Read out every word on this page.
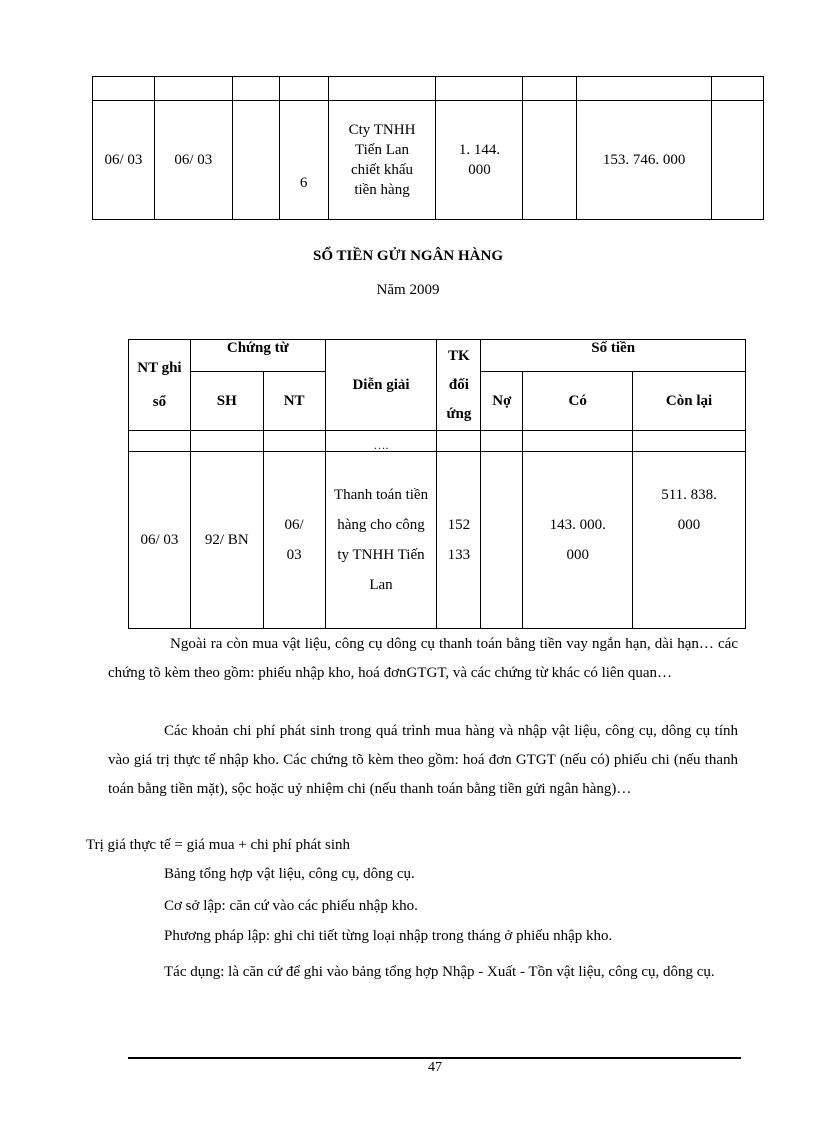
06/ 03	06/ 03		6	Cty TNHH Tiến Lan chiết khấu tiền hàng	1. 144. 000		153. 746. 000	
SỔ TIỀN GỬI NGÂN HÀNG
Năm 2009
NT ghi sổ	Chứng từ		Diễn giải	TK đối ứng	Số tiền		
	SH	NT			Nợ	Có	Còn lại
			….				
06/ 03	92/ BN	06/ 03	Thanh toán tiền hàng cho công ty TNHH Tiến Lan	152 133		143. 000. 000	511. 838. 000
Ngoài ra còn mua vật liệu, công cụ dông cụ thanh toán bằng tiền vay ngắn hạn, dài hạn… các chứng tõ kèm theo gồm: phiếu nhập kho, hoá đơnGTGT, và các chứng từ khác có liên quan…
Các khoản chi phí phát sinh trong quá trình mua hàng và nhập vật liệu, công cụ, dông cụ tính vào giá trị thực tế nhập kho. Các chứng tõ kèm theo gồm: hoá đơn GTGT (nếu có) phiếu chi (nếu thanh toán bằng tiền mặt), sộc hoặc uỷ nhiệm chi (nếu thanh toán bằng tiền gửi ngân hàng)…
Trị giá thực tế = giá mua + chi phí phát sinh
Bảng tổng hợp vật liệu, công cụ, dông cụ.
Cơ sở lập: căn cứ vào các phiếu nhập kho.
Phương pháp lập: ghi chi tiết từng loại nhập trong tháng ở phiếu nhập kho.
Tác dụng: là căn cứ để ghi vào bảng tổng hợp Nhập - Xuất - Tồn vật liệu, công cụ, dông cụ.
47
